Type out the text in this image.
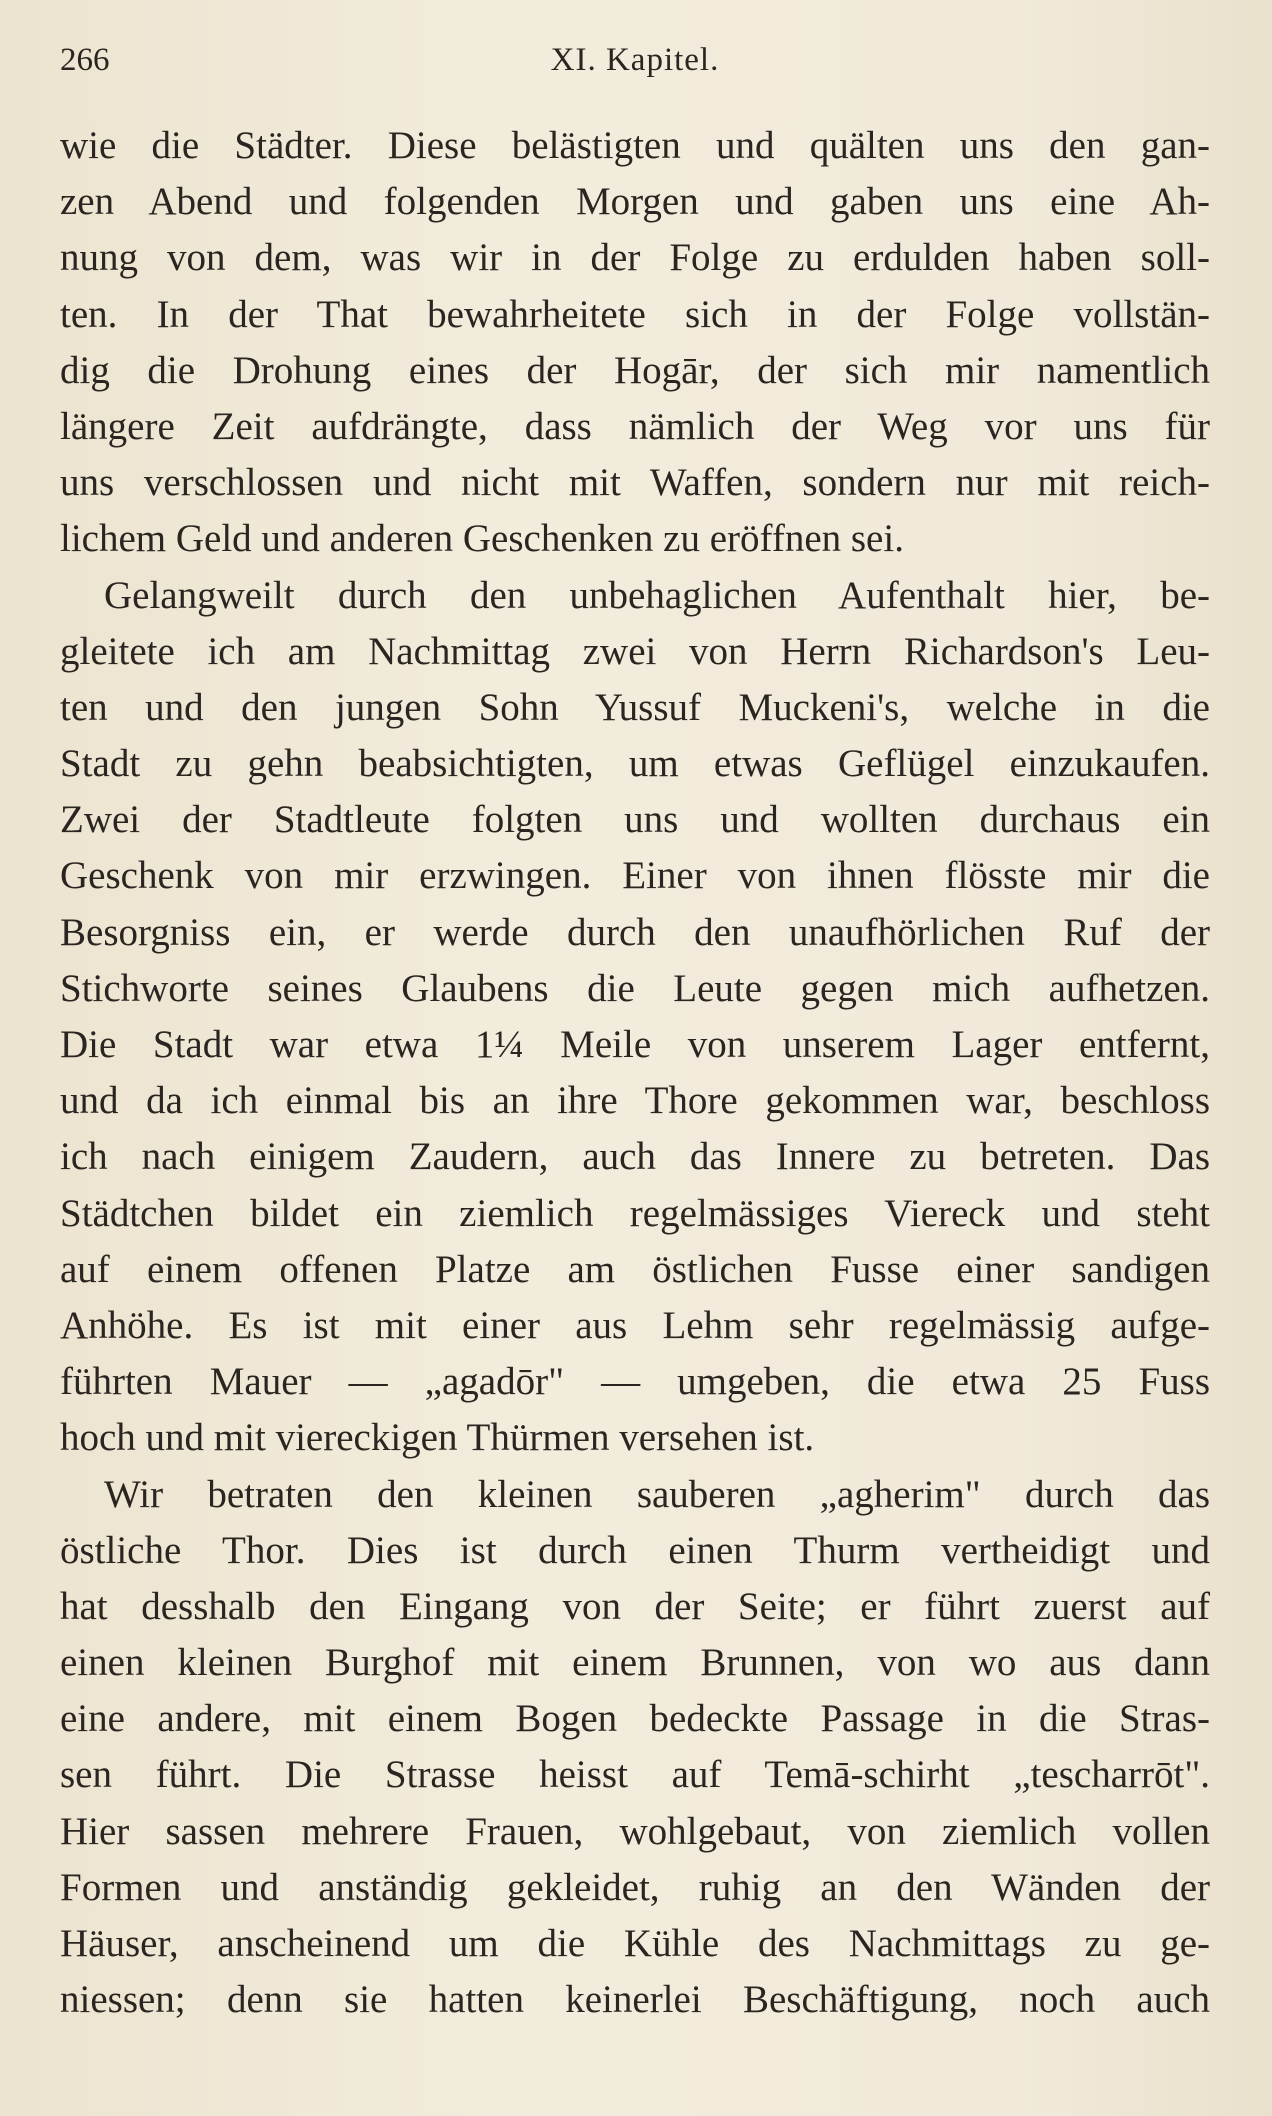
266	XI. Kapitel.
wie die Städter. Diese belästigten und quälten uns den gan-
zen Abend und folgenden Morgen und gaben uns eine Ah-
nung von dem, was wir in der Folge zu erdulden haben soll-
ten. In der That bewahrheitete sich in der Folge vollstän-
dig die Drohung eines der Hogār, der sich mir namentlich
längere Zeit aufdrängte, dass nämlich der Weg vor uns für
uns verschlossen und nicht mit Waffen, sondern nur mit reich-
lichem Geld und anderen Geschenken zu eröffnen sei.
Gelangweilt durch den unbehaglichen Aufenthalt hier, be-
gleitete ich am Nachmittag zwei von Herrn Richardson's Leu-
ten und den jungen Sohn Yussuf Muckeni's, welche in die
Stadt zu gehn beabsichtigten, um etwas Geflügel einzukaufen.
Zwei der Stadtleute folgten uns und wollten durchaus ein
Geschenk von mir erzwingen. Einer von ihnen flösste mir die
Besorgniss ein, er werde durch den unaufhörlichen Ruf der
Stichworte seines Glaubens die Leute gegen mich aufhetzen.
Die Stadt war etwa 1¼ Meile von unserem Lager entfernt,
und da ich einmal bis an ihre Thore gekommen war, beschloss
ich nach einigem Zaudern, auch das Innere zu betreten. Das
Städtchen bildet ein ziemlich regelmässiges Viereck und steht
auf einem offenen Platze am östlichen Fusse einer sandigen
Anhöhe. Es ist mit einer aus Lehm sehr regelmässig aufge-
führten Mauer — „agadōr" — umgeben, die etwa 25 Fuss
hoch und mit viereckigen Thürmen versehen ist.
Wir betraten den kleinen sauberen „agherim" durch das
östliche Thor. Dies ist durch einen Thurm vertheidigt und
hat desshalb den Eingang von der Seite; er führt zuerst auf
einen kleinen Burghof mit einem Brunnen, von wo aus dann
eine andere, mit einem Bogen bedeckte Passage in die Stras-
sen führt. Die Strasse heisst auf Temā-schirht „tescharrōt".
Hier sassen mehrere Frauen, wohlgebaut, von ziemlich vollen
Formen und anständig gekleidet, ruhig an den Wänden der
Häuser, anscheinend um die Kühle des Nachmittags zu ge-
niessen; denn sie hatten keinerlei Beschäftigung, noch auch
